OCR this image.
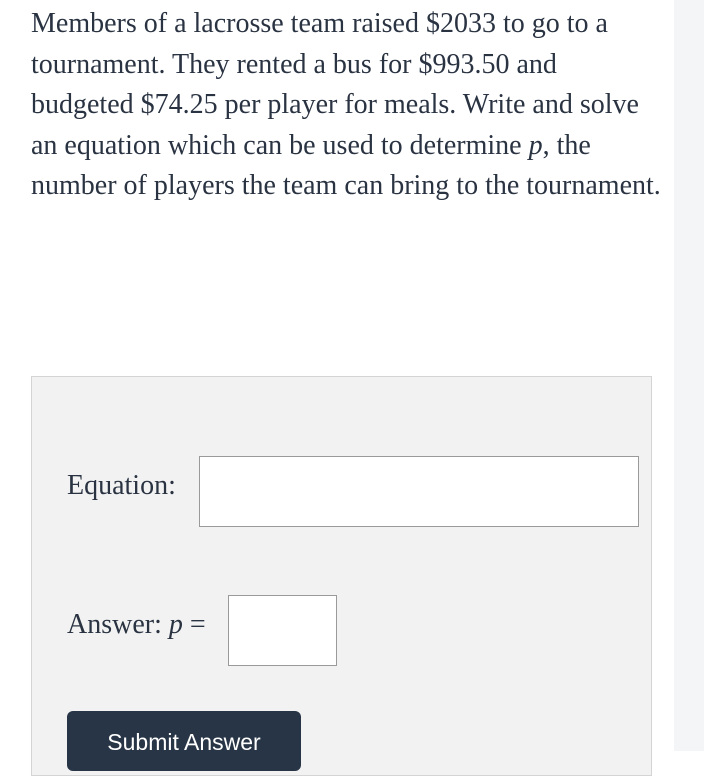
Members of a lacrosse team raised $2033 to go to a tournament. They rented a bus for $993.50 and budgeted $74.25 per player for meals. Write and solve an equation which can be used to determine p, the number of players the team can bring to the tournament.

Equation:
Answer: p =
Submit Answer
